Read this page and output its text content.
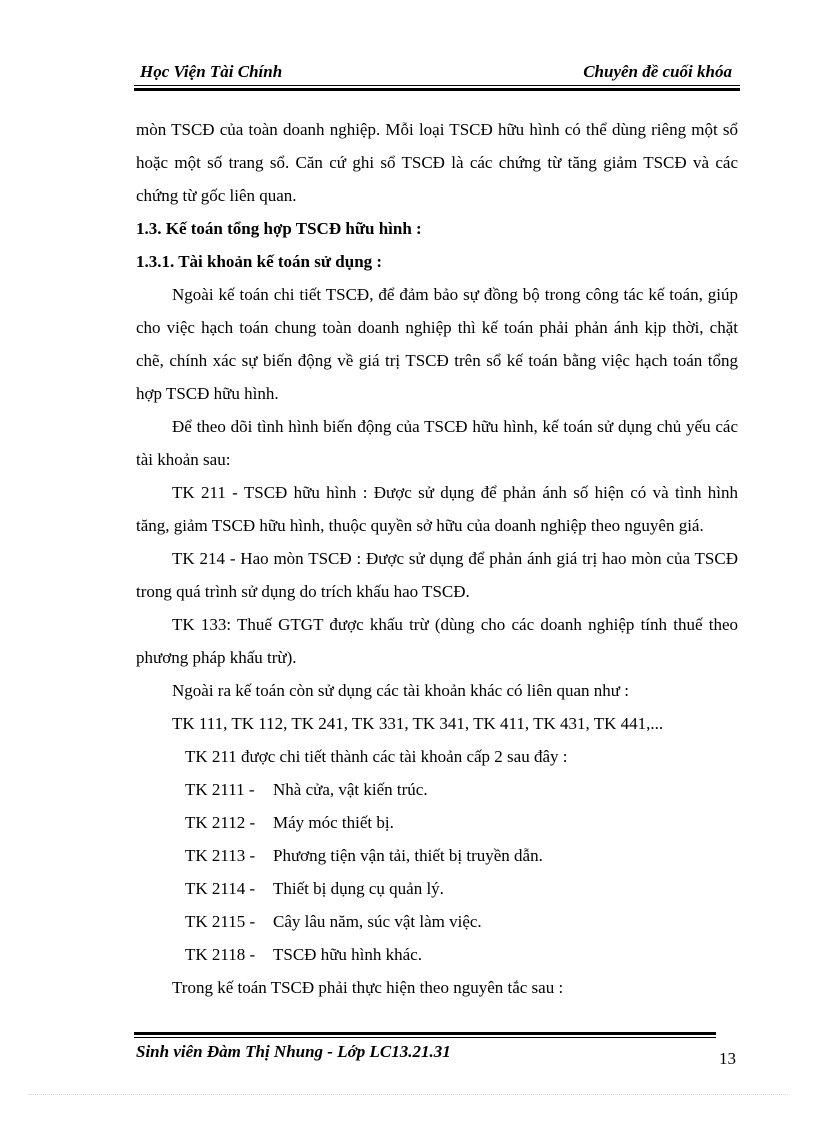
Học Viện Tài Chính	Chuyên đề cuối khóa

mòn TSCĐ của toàn doanh nghiệp. Mỗi loại TSCĐ hữu hình có thể dùng riêng một sổ hoặc một số trang sổ. Căn cứ ghi sổ TSCĐ là các chứng từ tăng giảm TSCĐ và các chứng từ gốc liên quan.

1.3. Kế toán tổng hợp TSCĐ hữu hình :

1.3.1. Tài khoản kế toán sử dụng :

Ngoài kế toán chi tiết TSCĐ, để đảm bảo sự đồng bộ trong công tác kế toán, giúp cho việc hạch toán chung toàn doanh nghiệp thì kế toán phải phản ánh kịp thời, chặt chẽ, chính xác sự biến động về giá trị TSCĐ trên sổ kế toán bằng việc hạch toán tổng hợp TSCĐ hữu hình.

Để theo dõi tình hình biến động của TSCĐ hữu hình, kế toán sử dụng chủ yếu các tài khoản sau:

TK 211 - TSCĐ hữu hình : Được sử dụng để phản ánh số hiện có và tình hình tăng, giảm TSCĐ hữu hình, thuộc quyền sở hữu của doanh nghiệp theo nguyên giá.

TK 214 - Hao mòn TSCĐ : Được sử dụng để phản ánh giá trị hao mòn của TSCĐ trong quá trình sử dụng do trích khấu hao TSCĐ.

TK 133: Thuế GTGT được khấu trừ (dùng cho các doanh nghiệp tính thuế theo phương pháp khấu trừ).

Ngoài ra kế toán còn sử dụng các tài khoản khác có liên quan như :

TK 111, TK 112, TK 241, TK 331, TK 341, TK 411, TK 431, TK 441,...

TK 211 được chi tiết thành các tài khoản cấp 2 sau đây :

TK 2111 -	Nhà cửa, vật kiến trúc.
TK 2112 -	Máy móc thiết bị.
TK 2113 -	Phương tiện vận tải, thiết bị truyền dẫn.
TK 2114 -	Thiết bị dụng cụ quản lý.
TK 2115 -	Cây lâu năm, súc vật làm việc.
TK 2118 -	TSCĐ hữu hình khác.

Trong kế toán TSCĐ phải thực hiện theo nguyên tắc sau :

Sinh viên Đàm Thị Nhung - Lớp LC13.21.31	13
